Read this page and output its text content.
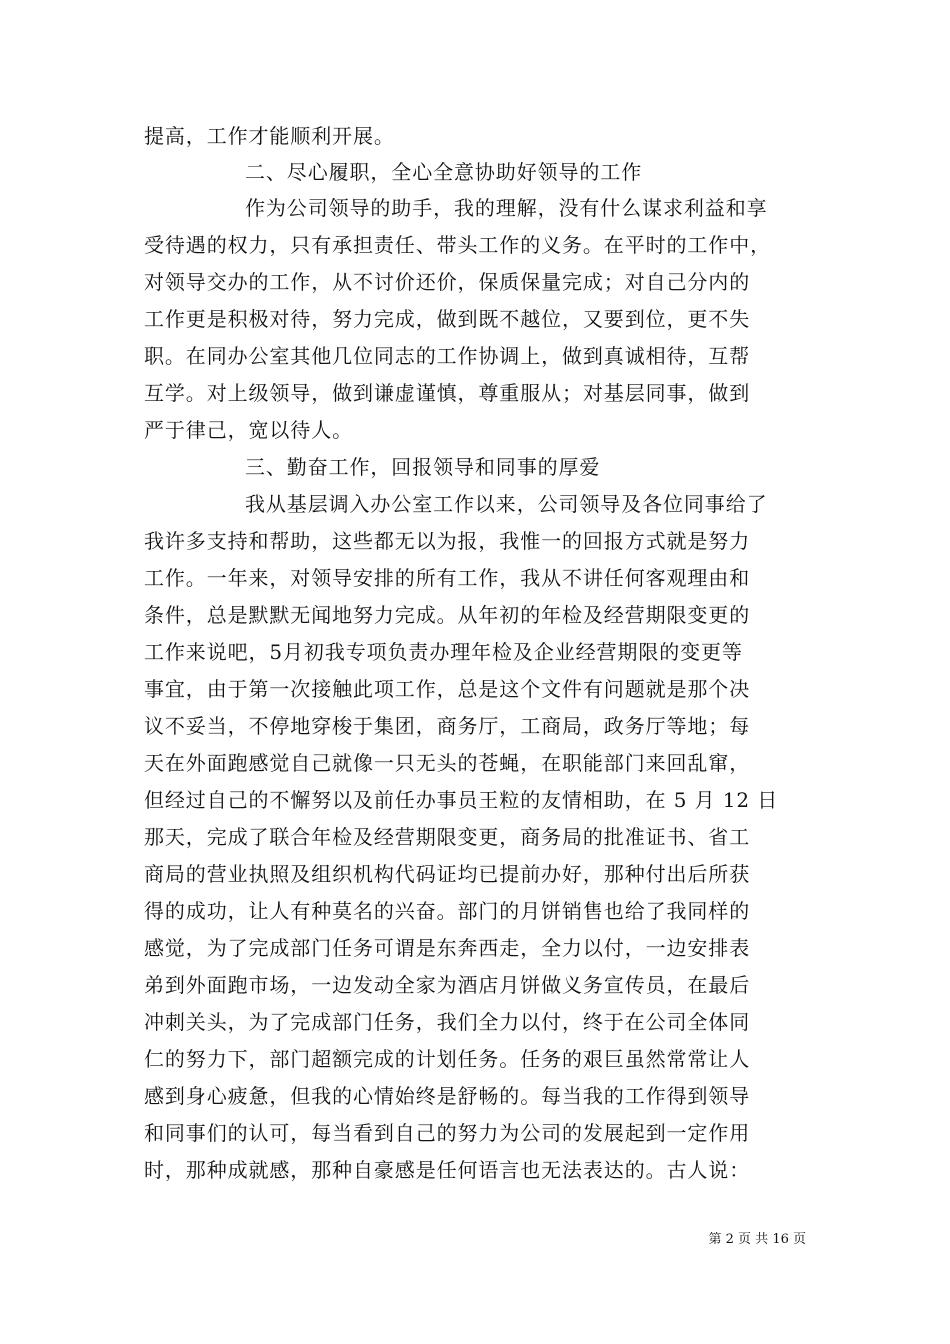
提高，工作才能顺利开展。
二、尽心履职，全心全意协助好领导的工作
作为公司领导的助手，我的理解，没有什么谋求利益和享
受待遇的权力，只有承担责任、带头工作的义务。在平时的工作中，
对领导交办的工作，从不讨价还价，保质保量完成；对自己分内的
工作更是积极对待，努力完成，做到既不越位，又要到位，更不失
职。在同办公室其他几位同志的工作协调上，做到真诚相待，互帮
互学。对上级领导，做到谦虚谨慎，尊重服从；对基层同事，做到
严于律己，宽以待人。
三、勤奋工作，回报领导和同事的厚爱
我从基层调入办公室工作以来，公司领导及各位同事给了
我许多支持和帮助，这些都无以为报，我惟一的回报方式就是努力
工作。一年来，对领导安排的所有工作，我从不讲任何客观理由和
条件，总是默默无闻地努力完成。从年初的年检及经营期限变更的
工作来说吧，5月初我专项负责办理年检及企业经营期限的变更等
事宜，由于第一次接触此项工作，总是这个文件有问题就是那个决
议不妥当，不停地穿梭于集团，商务厅，工商局，政务厅等地；每
天在外面跑感觉自己就像一只无头的苍蝇，在职能部门来回乱窜，
但经过自己的不懈努以及前任办事员王粒的友情相助，在 5 月 12 日
那天，完成了联合年检及经营期限变更，商务局的批准证书、省工
商局的营业执照及组织机构代码证均已提前办好，那种付出后所获
得的成功，让人有种莫名的兴奋。部门的月饼销售也给了我同样的
感觉，为了完成部门任务可谓是东奔西走，全力以付，一边安排表
弟到外面跑市场，一边发动全家为酒店月饼做义务宣传员，在最后
冲刺关头，为了完成部门任务，我们全力以付，终于在公司全体同
仁的努力下，部门超额完成的计划任务。任务的艰巨虽然常常让人
感到身心疲惫，但我的心情始终是舒畅的。每当我的工作得到领导
和同事们的认可，每当看到自己的努力为公司的发展起到一定作用
时，那种成就感，那种自豪感是任何语言也无法表达的。古人说：
第 2 页 共 16 页
